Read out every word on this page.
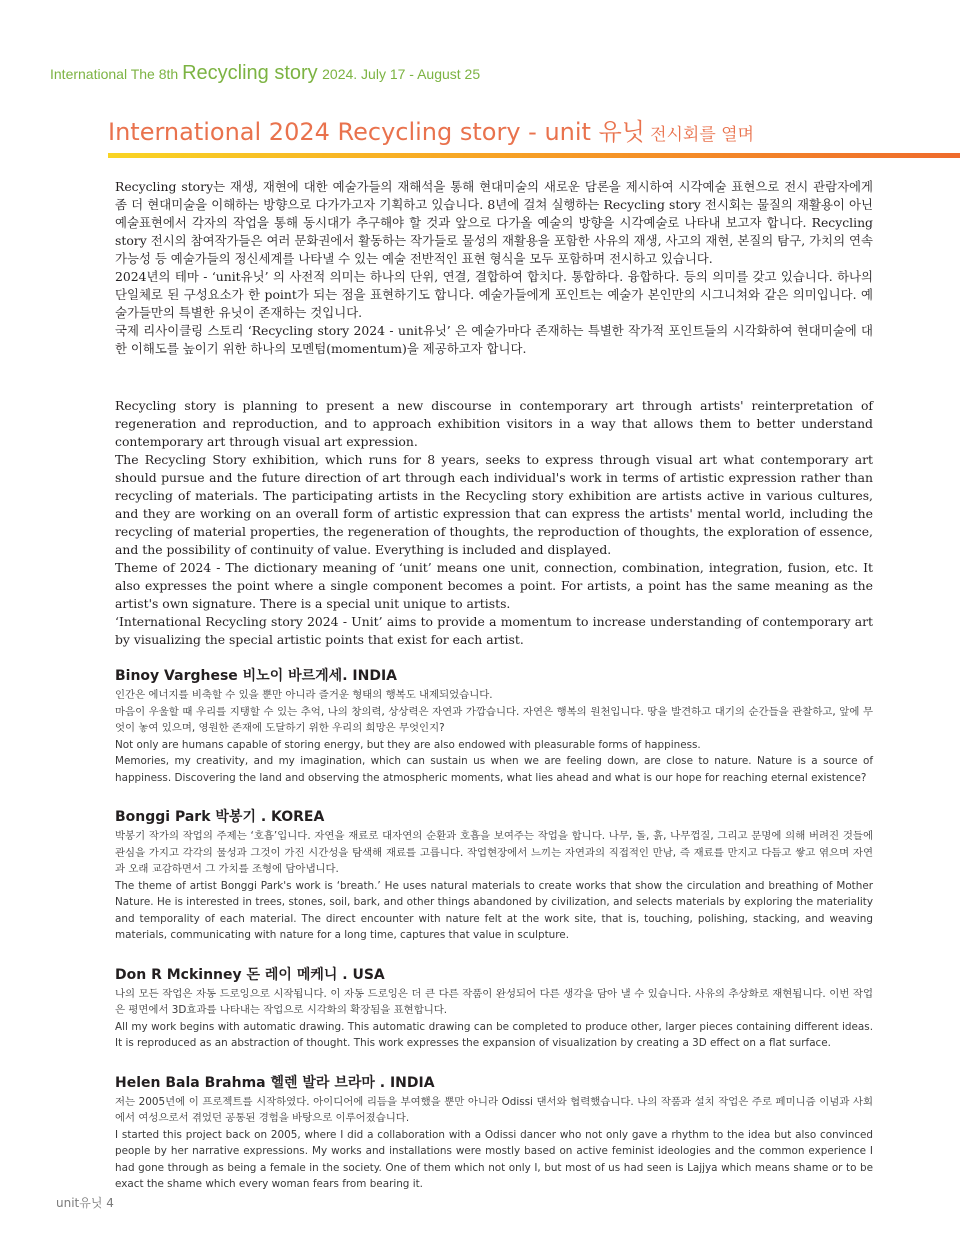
International The 8th Recycling story 2024. July 17 - August 25
International 2024 Recycling story - unit 유닛 전시회를 열며

Recycling story는 재생, 재현에 대한 예술가들의 재해석을 통해 현대미술의 새로운 담론을 제시하여 시각예술 표현으로 전시 관람자에게 좀 더 현대미술을 이해하는 방향으로 다가가고자 기획하고 있습니다. 8년에 걸쳐 실행하는 Recycling story 전시회는 물질의 재활용이 아닌 예술표현에서 각자의 작업을 통해 동시대가 추구해야 할 것과 앞으로 다가올 예술의 방향을 시각예술로 나타내 보고자 합니다. Recycling story 전시의 참여작가들은 여러 문화권에서 활동하는 작가들로 물성의 재활용을 포함한 사유의 재생, 사고의 재현, 본질의 탐구, 가치의 연속 가능성 등 예술가들의 정신세계를 나타낼 수 있는 예술 전반적인 표현 형식을 모두 포함하며 전시하고 있습니다.

2024년의 테마 - ‘unit유닛’ 의 사전적 의미는 하나의 단위, 연결, 결합하여 합치다. 통합하다. 융합하다. 등의 의미를 갖고 있습니다. 하나의 단일체로 된 구성요소가 한 point가 되는 점을 표현하기도 합니다. 예술가들에게 포인트는 예술가 본인만의 시그니쳐와 같은 의미입니다. 예술가들만의 특별한 유닛이 존재하는 것입니다.

국제 리사이클링 스토리 ‘Recycling story 2024 - unit유닛’ 은 예술가마다 존재하는 특별한 작가적 포인트들의 시각화하여 현대미술에 대한 이해도를 높이기 위한 하나의 모멘텀(momentum)을 제공하고자 합니다.

Recycling story is planning to present a new discourse in contemporary art through artists' reinterpretation of regeneration and reproduction, and to approach exhibition visitors in a way that allows them to better understand contemporary art through visual art expression.

The Recycling Story exhibition, which runs for 8 years, seeks to express through visual art what contemporary art should pursue and the future direction of art through each individual's work in terms of artistic expression rather than recycling of materials. The participating artists in the Recycling story exhibition are artists active in various cultures, and they are working on an overall form of artistic expression that can express the artists' mental world, including the recycling of material properties, the regeneration of thoughts, the reproduction of thoughts, the exploration of essence, and the possibility of continuity of value. Everything is included and displayed.

Theme of 2024 - The dictionary meaning of ‘unit’ means one unit, connection, combination, integration, fusion, etc. It also expresses the point where a single component becomes a point. For artists, a point has the same meaning as the artist's own signature. There is a special unit unique to artists.

‘International Recycling story 2024 - Unit’ aims to provide a momentum to increase understanding of contemporary art by visualizing the special artistic points that exist for each artist.

Binoy Varghese 비노이 바르게세. INDIA

인간은 에너지를 비축할 수 있을 뿐만 아니라 즐거운 형태의 행복도 내제되었습니다.

마음이 우울할 때 우리를 지탱할 수 있는 추억, 나의 창의력, 상상력은 자연과 가깝습니다. 자연은 행복의 원천입니다. 땅을 발견하고 대기의 순간들을 관찰하고, 앞에 무엇이 놓여 있으며, 영원한 존재에 도달하기 위한 우리의 희망은 무엇인지?

Not only are humans capable of storing energy, but they are also endowed with pleasurable forms of happiness.

Memories, my creativity, and my imagination, which can sustain us when we are feeling down, are close to nature. Nature is a source of happiness. Discovering the land and observing the atmospheric moments, what lies ahead and what is our hope for reaching eternal existence?

Bonggi Park 박봉기 . KOREA

박봉기 작가의 작업의 주제는 ‘호흡’입니다. 자연을 재료로 대자연의 순환과 호흡을 보여주는 작업을 합니다. 나무, 돌, 흙, 나무껍질, 그리고 문명에 의해 버려진 것들에 관심을 가지고 각각의 물성과 그것이 가진 시간성을 탐색해 재료를 고릅니다. 작업현장에서 느끼는 자연과의 직접적인 만남, 즉 재료를 만지고 다듬고 쌓고 엮으며 자연과 오래 교감하면서 그 가치를 조형에 담아냅니다.

The theme of artist Bonggi Park's work is ‘breath.’ He uses natural materials to create works that show the circulation and breathing of Mother Nature. He is interested in trees, stones, soil, bark, and other things abandoned by civilization, and selects materials by exploring the materiality and temporality of each material. The direct encounter with nature felt at the work site, that is, touching, polishing, stacking, and weaving materials, communicating with nature for a long time, captures that value in sculpture.

Don R Mckinney 돈 레이 메케니 . USA

나의 모든 작업은 자동 드로잉으로 시작됩니다. 이 자동 드로잉은 더 큰 다른 작품이 완성되어 다른 생각을 담아 낼 수 있습니다. 사유의 추상화로 재현됩니다. 이번 작업은 평면에서 3D효과를 나타내는 작업으로 시각화의 확장됨을 표현합니다.

All my work begins with automatic drawing. This automatic drawing can be completed to produce other, larger pieces containing different ideas. It is reproduced as an abstraction of thought. This work expresses the expansion of visualization by creating a 3D effect on a flat surface.

Helen Bala Brahma 헬렌 발라 브라마 . INDIA

저는 2005년에 이 프로젝트를 시작하였다. 아이디어에 리듬을 부여했을 뿐만 아니라 Odissi 댄서와 협력했습니다. 나의 작품과 설치 작업은 주로 페미니즘 이념과 사회에서 여성으로서 겪었던 공통된 경험을 바탕으로 이루어졌습니다.

I started this project back on 2005, where I did a collaboration with a Odissi dancer who not only gave a rhythm to the idea but also convinced people by her narrative expressions. My works and installations were mostly based on active feminist ideologies and the common experience I had gone through as being a female in the society. One of them which not only I, but most of us had seen is Lajjya which means shame or to be exact the shame which every woman fears from bearing it.

unit유닛 4
